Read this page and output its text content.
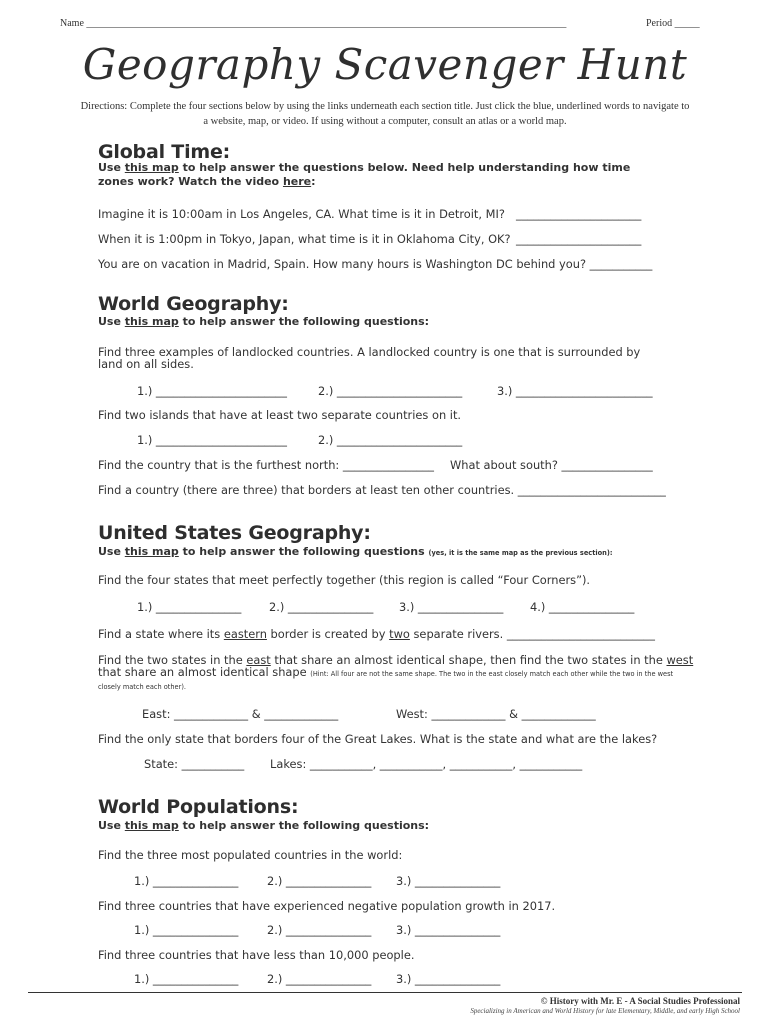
Name ________________________________________________________________________________________________	Period _____
Geography Scavenger Hunt
Directions: Complete the four sections below by using the links underneath each section title. Just click the blue, underlined words to navigate to a website, map, or video. If using without a computer, consult an atlas or a world map.
Global Time:
Use this map to help answer the questions below. Need help understanding how time zones work? Watch the video here:
Imagine it is 10:00am in Los Angeles, CA. What time is it in Detroit, MI? ______________________
When it is 1:00pm in Tokyo, Japan, what time is it in Oklahoma City, OK? ______________________
You are on vacation in Madrid, Spain. How many hours is Washington DC behind you? ___________
World Geography:
Use this map to help answer the following questions:
Find three examples of landlocked countries. A landlocked country is one that is surrounded by land on all sides.
1.) _______________________	2.) ______________________	3.) ________________________
Find two islands that have at least two separate countries on it.
1.) _______________________	2.) ______________________
Find the country that is the furthest north: ________________ What about south? ________________
Find a country (there are three) that borders at least ten other countries. __________________________
United States Geography:
Use this map to help answer the following questions (yes, it is the same map as the previous section):
Find the four states that meet perfectly together (this region is called “Four Corners”).
1.) _______________ 2.) _______________ 3.) _______________ 4.) _______________
Find a state where its eastern border is created by two separate rivers. __________________________
Find the two states in the east that share an almost identical shape, then find the two states in the west
that share an almost identical shape (Hint: All four are not the same shape. The two in the east closely match each other while the two in the west closely match each other).
East: _____________ & _____________	West: _____________ & _____________
Find the only state that borders four of the Great Lakes. What is the state and what are the lakes?
State: ___________ Lakes: ___________, ___________, ___________, ___________
World Populations:
Use this map to help answer the following questions:
Find the three most populated countries in the world:
1.) _______________	2.) _______________ 3.) _______________
Find three countries that have experienced negative population growth in 2017.
1.) _______________	2.) _______________ 3.) _______________
Find three countries that have less than 10,000 people.
1.) _______________	2.) _______________ 3.) _______________
© History with Mr. E - A Social Studies Professional
Specializing in American and World History for late Elementary, Middle, and early High School
